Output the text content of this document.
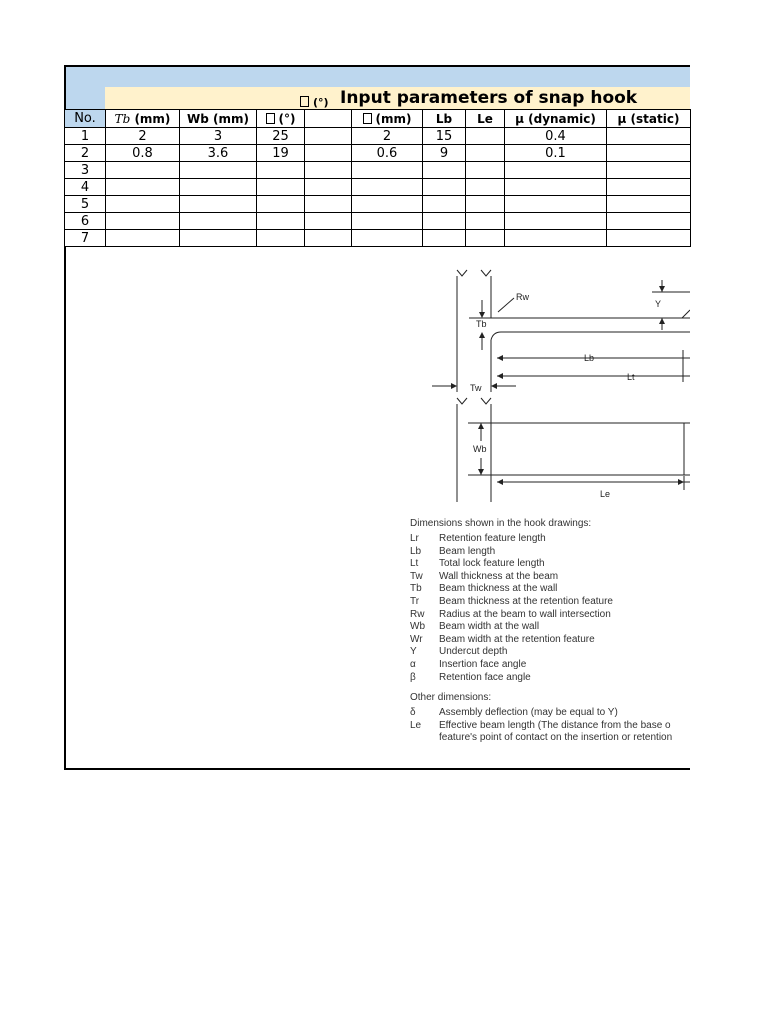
Input parameters of snap hook
(°)
No.	Tb (mm)	Wb (mm)	(°)		(mm)	Lb	Le	μ (dynamic)	μ (static)
1	2	3	25		2	15		0.4	
2	0.8	3.6	19		0.6	9		0.1	
3									
4									
5									
6									
7									
Rw
Tb
Y
Lb
Lt
Tw
Wb
Le
Dimensions shown in the hook drawings:
Lr Retention feature length
Lb Beam length
Lt Total lock feature length
Tw Wall thickness at the beam
Tb Beam thickness at the wall
Tr Beam thickness at the retention feature
Rw Radius at the beam to wall intersection
Wb Beam width at the wall
Wr Beam width at the retention feature
Y Undercut depth
α Insertion face angle
β Retention face angle
Other dimensions:
δ Assembly deflection (may be equal to Y)
Le Effective beam length (The distance from the base o
feature's point of contact on the insertion or retention
